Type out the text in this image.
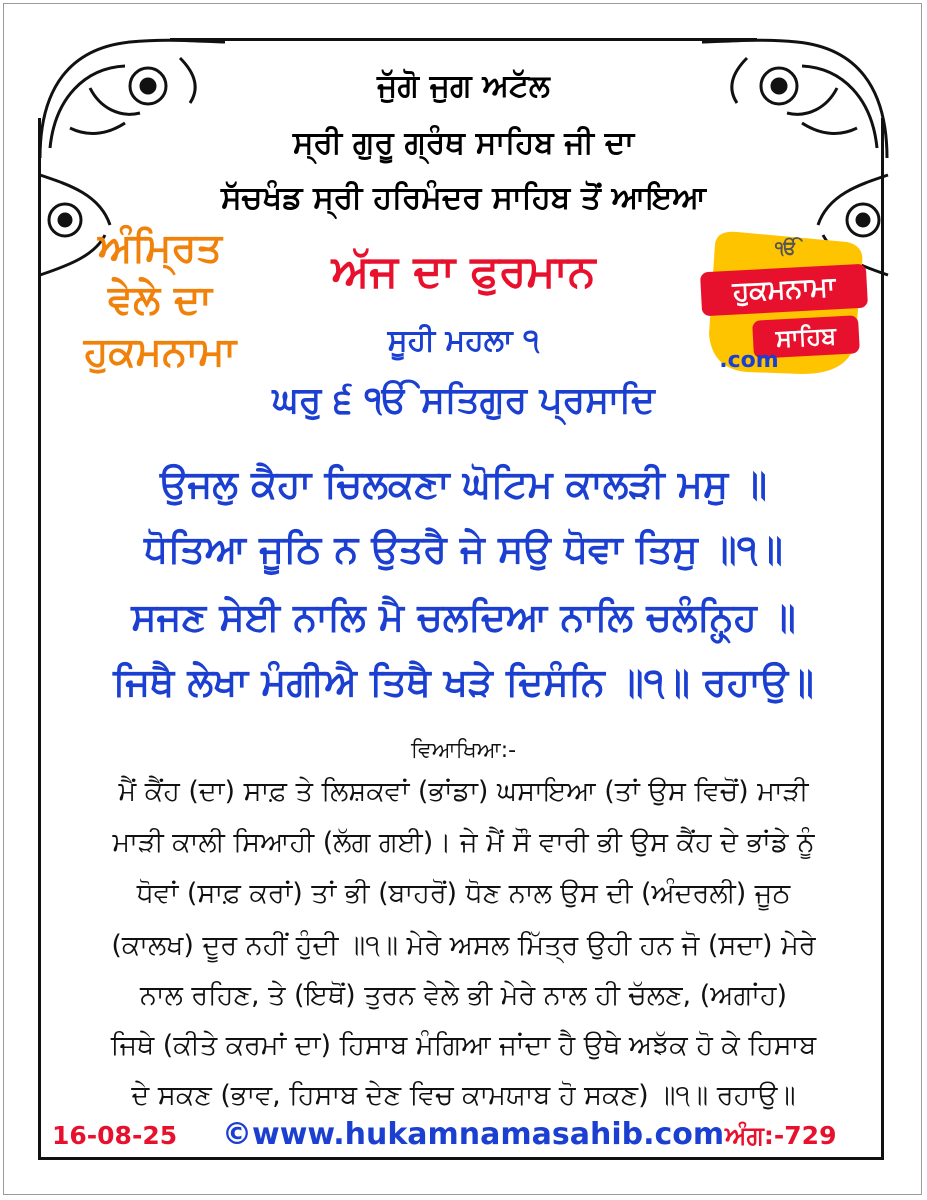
ਜੁੱਗੋ ਜੁਗ ਅਟੱਲ
ਸ੍ਰੀ ਗੁਰੂ ਗ੍ਰੰਥ ਸਾਹਿਬ ਜੀ ਦਾ
ਸੱਚਖੰਡ ਸ੍ਰੀ ਹਰਿਮੰਦਰ ਸਾਹਿਬ ਤੋਂ ਆਇਆ
ਅੱਜ ਦਾ ਫੁਰਮਾਨ
ਸੂਹੀ ਮਹਲਾ ੧
ਅੰਮ੍ਰਿਤ
ਵੇਲੇ ਦਾ
ਹੁਕਮਨਾਮਾ
ੴ
ਹੁਕਮਨਾਮਾ
ਸਾਹਿਬ
.com
ਘਰੁ ੬ ੴ ਸਤਿਗੁਰ ਪ੍ਰਸਾਦਿ
ਉਜਲੁ ਕੈਹਾ ਚਿਲਕਣਾ ਘੋਟਿਮ ਕਾਲੜੀ ਮਸੁ ॥
ਧੋਤਿਆ ਜੂਠਿ ਨ ਉਤਰੈ ਜੇ ਸਉ ਧੋਵਾ ਤਿਸੁ ॥੧॥
ਸਜਣ ਸੇਈ ਨਾਲਿ ਮੈ ਚਲਦਿਆ ਨਾਲਿ ਚਲੰਨ੍ਹ੍ਹਿ ॥
ਜਿਥੈ ਲੇਖਾ ਮੰਗੀਐ ਤਿਥੈ ਖੜੇ ਦਿਸੰਨਿ ॥੧॥ ਰਹਾਉ॥
ਵਿਆਖਿਆ:-
ਮੈਂ ਕੈਂਹ (ਦਾ) ਸਾਫ਼ ਤੇ ਲਿਸ਼ਕਵਾਂ (ਭਾਂਡਾ) ਘਸਾਇਆ (ਤਾਂ ਉਸ ਵਿਚੋਂ) ਮਾੜੀ
ਮਾੜੀ ਕਾਲੀ ਸਿਆਹੀ (ਲੱਗ ਗਈ)। ਜੇ ਮੈਂ ਸੌ ਵਾਰੀ ਭੀ ਉਸ ਕੈਂਹ ਦੇ ਭਾਂਡੇ ਨੂੰ
ਧੋਵਾਂ (ਸਾਫ਼ ਕਰਾਂ) ਤਾਂ ਭੀ (ਬਾਹਰੋਂ) ਧੋਣ ਨਾਲ ਉਸ ਦੀ (ਅੰਦਰਲੀ) ਜੂਠ
(ਕਾਲਖ) ਦੂਰ ਨਹੀਂ ਹੁੰਦੀ ॥੧॥ ਮੇਰੇ ਅਸਲ ਮਿੱਤ੍ਰ ਉਹੀ ਹਨ ਜੋ (ਸਦਾ) ਮੇਰੇ
ਨਾਲ ਰਹਿਣ, ਤੇ (ਇਥੋਂ) ਤੁਰਨ ਵੇਲੇ ਭੀ ਮੇਰੇ ਨਾਲ ਹੀ ਚੱਲਣ, (ਅਗਾਂਹ)
ਜਿਥੇ (ਕੀਤੇ ਕਰਮਾਂ ਦਾ) ਹਿਸਾਬ ਮੰਗਿਆ ਜਾਂਦਾ ਹੈ ਉਥੇ ਅਝੱਕ ਹੋ ਕੇ ਹਿਸਾਬ
ਦੇ ਸਕਣ (ਭਾਵ, ਹਿਸਾਬ ਦੇਣ ਵਿਚ ਕਾਮਯਾਬ ਹੋ ਸਕਣ) ॥੧॥ ਰਹਾਉ॥
16-08-25 ©www.hukamnamasahib.com ਅੰਗ:-729
